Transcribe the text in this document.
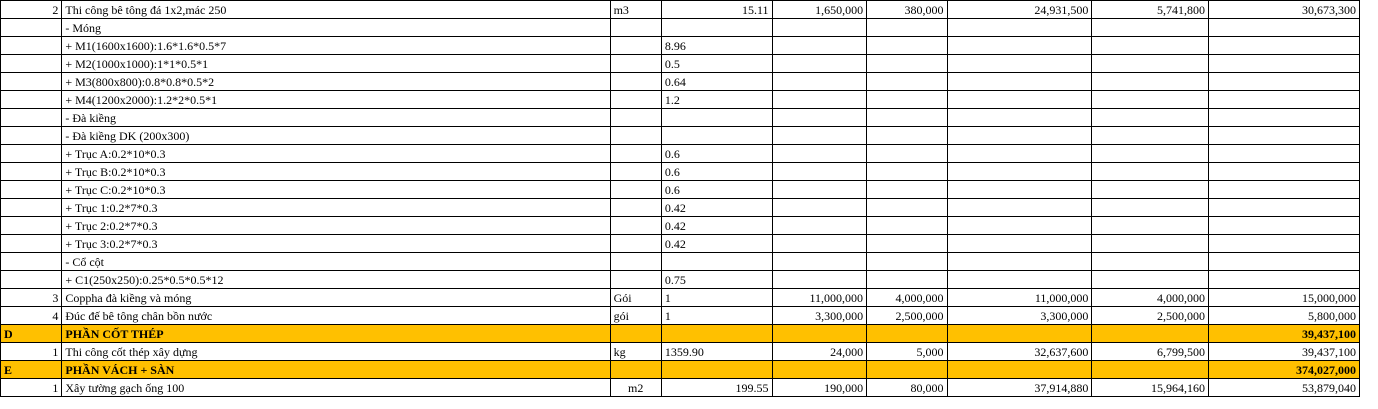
2	Thi công bê tông đá 1x2,mác 250	m3	15.11	1,650,000	380,000	24,931,500	5,741,800	30,673,300
	- Móng							
	+ M1(1600x1600):1.6*1.6*0.5*7		8.96					
	+ M2(1000x1000):1*1*0.5*1		0.5					
	+ M3(800x800):0.8*0.8*0.5*2		0.64					
	+ M4(1200x2000):1.2*2*0.5*1		1.2					
	- Đà kiềng							
	- Đà kiềng DK (200x300)							
	+ Trục A:0.2*10*0.3		0.6					
	+ Trục B:0.2*10*0.3		0.6					
	+ Trục C:0.2*10*0.3		0.6					
	+ Trục 1:0.2*7*0.3		0.42					
	+ Trục 2:0.2*7*0.3		0.42					
	+ Trục 3:0.2*7*0.3		0.42					
	- Cổ cột							
	+ C1(250x250):0.25*0.5*0.5*12		0.75					
3	Coppha đà kiềng và móng	Gói	1	11,000,000	4,000,000	11,000,000	4,000,000	15,000,000
4	Đúc đế bê tông chân bồn nước	gói	1	3,300,000	2,500,000	3,300,000	2,500,000	5,800,000
D	PHẦN CỐT THÉP							39,437,100
1	Thi công cốt thép xây dựng	kg	1359.90	24,000	5,000	32,637,600	6,799,500	39,437,100
E	PHẦN VÁCH + SÀN							374,027,000
1	Xây tường gạch ống 100	m2	199.55	190,000	80,000	37,914,880	15,964,160	53,879,040
